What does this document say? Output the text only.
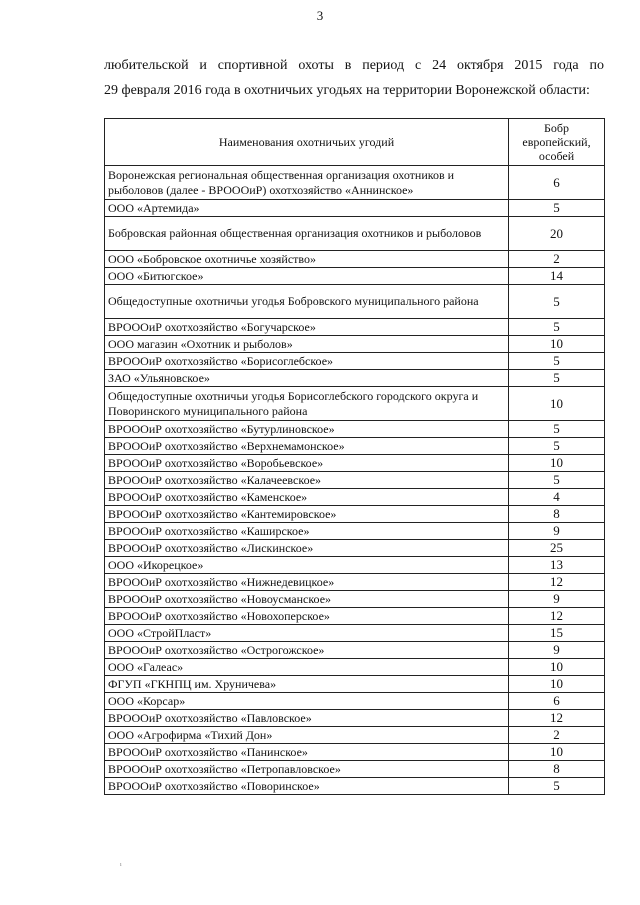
3
любительской и спортивной охоты в период с 24 октября 2015 года по
29 февраля 2016 года в охотничьих угодьях на территории Воронежской области:
Наименования охотничьих угодий	Бобр европейский, особей
Воронежская региональная общественная организация охотников и рыболовов (далее - ВРОООиР) охотхозяйство «Аннинское»	6
ООО «Артемида»	5
Бобровская районная общественная организация охотников и рыболовов	20
ООО «Бобровское охотничье хозяйство»	2
ООО «Битюгское»	14
Общедоступные охотничьи угодья Бобровского муниципального района	5
ВРОООиР охотхозяйство «Богучарское»	5
ООО магазин «Охотник и рыболов»	10
ВРОООиР охотхозяйство «Борисоглебское»	5
ЗАО «Ульяновское»	5
Общедоступные охотничьи угодья Борисоглебского городского округа и Поворинского муниципального района	10
ВРОООиР охотхозяйство «Бутурлиновское»	5
ВРОООиР охотхозяйство «Верхнемамонское»	5
ВРОООиР охотхозяйство «Воробьевское»	10
ВРОООиР охотхозяйство «Калачеевское»	5
ВРОООиР охотхозяйство «Каменское»	4
ВРОООиР охотхозяйство «Кантемировское»	8
ВРОООиР охотхозяйство «Каширское»	9
ВРОООиР охотхозяйство «Лискинское»	25
ООО «Икорецкое»	13
ВРОООиР охотхозяйство «Нижнедевицкое»	12
ВРОООиР охотхозяйство «Новоусманское»	9
ВРОООиР охотхозяйство «Новохоперское»	12
ООО «СтройПласт»	15
ВРОООиР охотхозяйство «Острогожское»	9
ООО «Галеас»	10
ФГУП «ГКНПЦ им. Хруничева»	10
ООО «Корсар»	6
ВРОООиР охотхозяйство «Павловское»	12
ООО «Агрофирма «Тихий Дон»	2
ВРОООиР охотхозяйство «Панинское»	10
ВРОООиР охотхозяйство «Петропавловское»	8
ВРОООиР охотхозяйство «Поворинское»	5
ı
